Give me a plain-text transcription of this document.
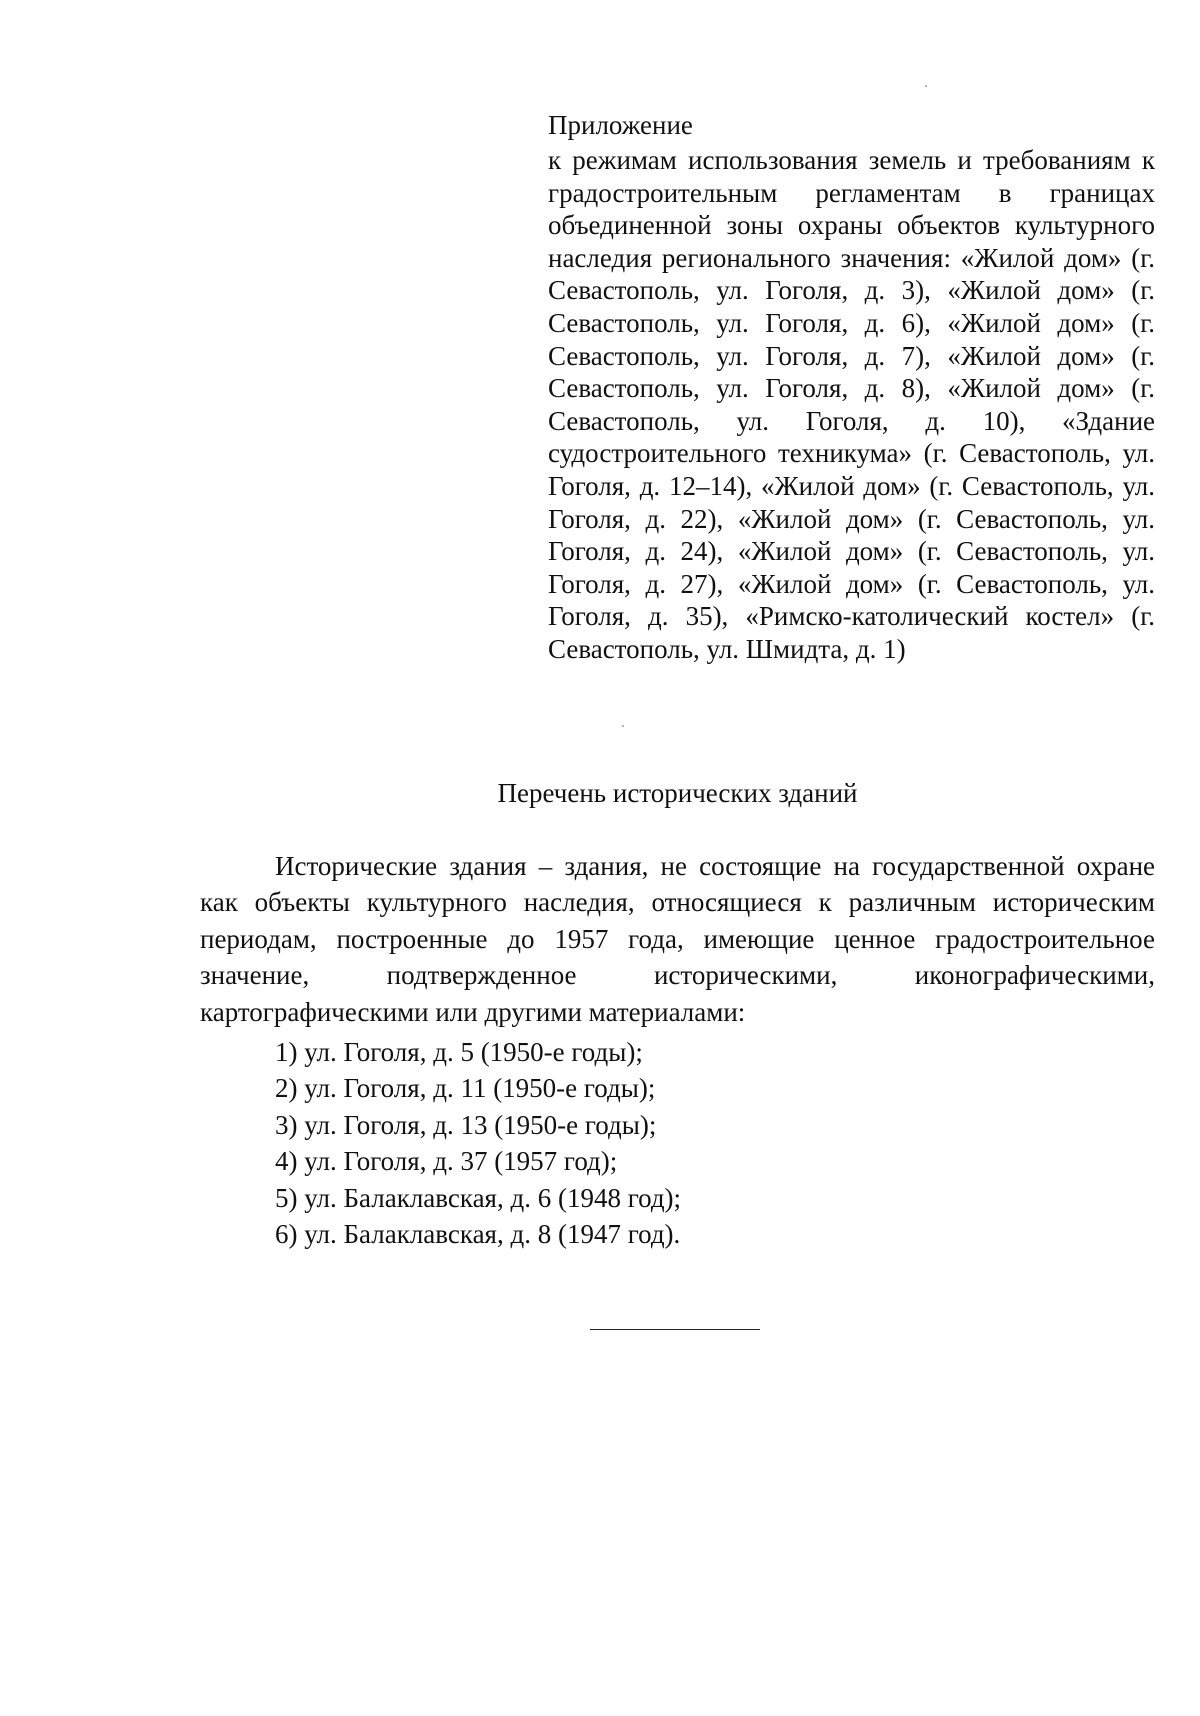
Приложение

к режимам использования земель и требованиям к градостроительным регламентам в границах объединенной зоны охраны объектов культурного наследия регионального значения: «Жилой дом» (г. Севастополь, ул. Гоголя, д. 3), «Жилой дом» (г. Севастополь, ул. Гоголя, д. 6), «Жилой дом» (г. Севастополь, ул. Гоголя, д. 7), «Жилой дом» (г. Севастополь, ул. Гоголя, д. 8), «Жилой дом» (г. Севастополь, ул. Гоголя, д. 10), «Здание судостроительного техникума» (г. Севастополь, ул. Гоголя, д. 12–14), «Жилой дом» (г. Севастополь, ул. Гоголя, д. 22), «Жилой дом» (г. Севастополь, ул. Гоголя, д. 24), «Жилой дом» (г. Севастополь, ул. Гоголя, д. 27), «Жилой дом» (г. Севастополь, ул. Гоголя, д. 35), «Римско-католический костел» (г. Севастополь, ул. Шмидта, д. 1)

Перечень исторических зданий

Исторические здания – здания, не состоящие на государственной охране как объекты культурного наследия, относящиеся к различным историческим периодам, построенные до 1957 года, имеющие ценное градостроительное значение, подтвержденное историческими, иконографическими, картографическими или другими материалами:

1) ул. Гоголя, д. 5 (1950-е годы);
2) ул. Гоголя, д. 11 (1950-е годы);
3) ул. Гоголя, д. 13 (1950-е годы);
4) ул. Гоголя, д. 37 (1957 год);
5) ул. Балаклавская, д. 6 (1948 год);
6) ул. Балаклавская, д. 8 (1947 год).
